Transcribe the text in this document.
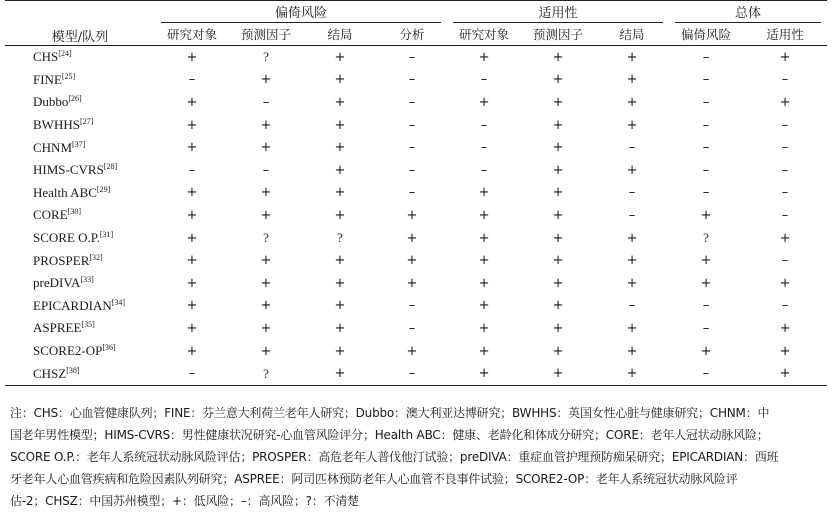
模型/队列	偏倚风险				适用性			总体	
	研究对象	预测因子	结局	分析	研究对象	预测因子	结局	偏倚风险	适用性
CHS[24]	+	?	+	–	+	+	+	–	+
FINE[25]	–	+	+	–	–	+	+	–	–
Dubbo[26]	+	–	+	–	+	+	+	–	+
BWHHS[27]	+	+	+	–	–	+	+	–	–
CHNM[37]	+	+	+	–	–	+	–	–	–
HIMS-CVRS[28]	–	–	+	–	–	+	+	–	–
Health ABC[29]	+	+	+	–	+	+	–	–	–
CORE[30]	+	+	+	+	+	+	–	+	–
SCORE O.P.[31]	+	?	?	+	+	+	+	?	+
PROSPER[32]	+	+	+	+	+	+	+	+	–
preDIVA[33]	+	+	+	+	+	+	+	+	+
EPICARDIAN[34]	+	+	+	–	+	+	–	–	–
ASPREE[35]	+	+	+	–	+	+	+	–	+
SCORE2-OP[36]	+	+	+	+	+	+	+	+	+
CHSZ[38]	–	?	+	–	+	+	+	–	+

注：CHS：心血管健康队列；FINE：芬兰意大利荷兰老年人研究；Dubbo：澳大利亚达博研究；BWHHS：英国女性心脏与健康研究；CHNM：中

国老年男性模型；HIMS-CVRS：男性健康状况研究-心血管风险评分；Health ABC：健康、老龄化和体成分研究；CORE：老年人冠状动脉风险；

SCORE O.P.：老年人系统冠状动脉风险评估；PROSPER：高危老年人普伐他汀试验；preDIVA：重症血管护理预防痴呆研究；EPICARDIAN：西班

牙老年人心血管疾病和危险因素队列研究；ASPREE：阿司匹林预防老年人心血管不良事件试验；SCORE2-OP：老年人系统冠状动脉风险评

估-2；CHSZ：中国苏州模型；+：低风险；–：高风险；?：不清楚
